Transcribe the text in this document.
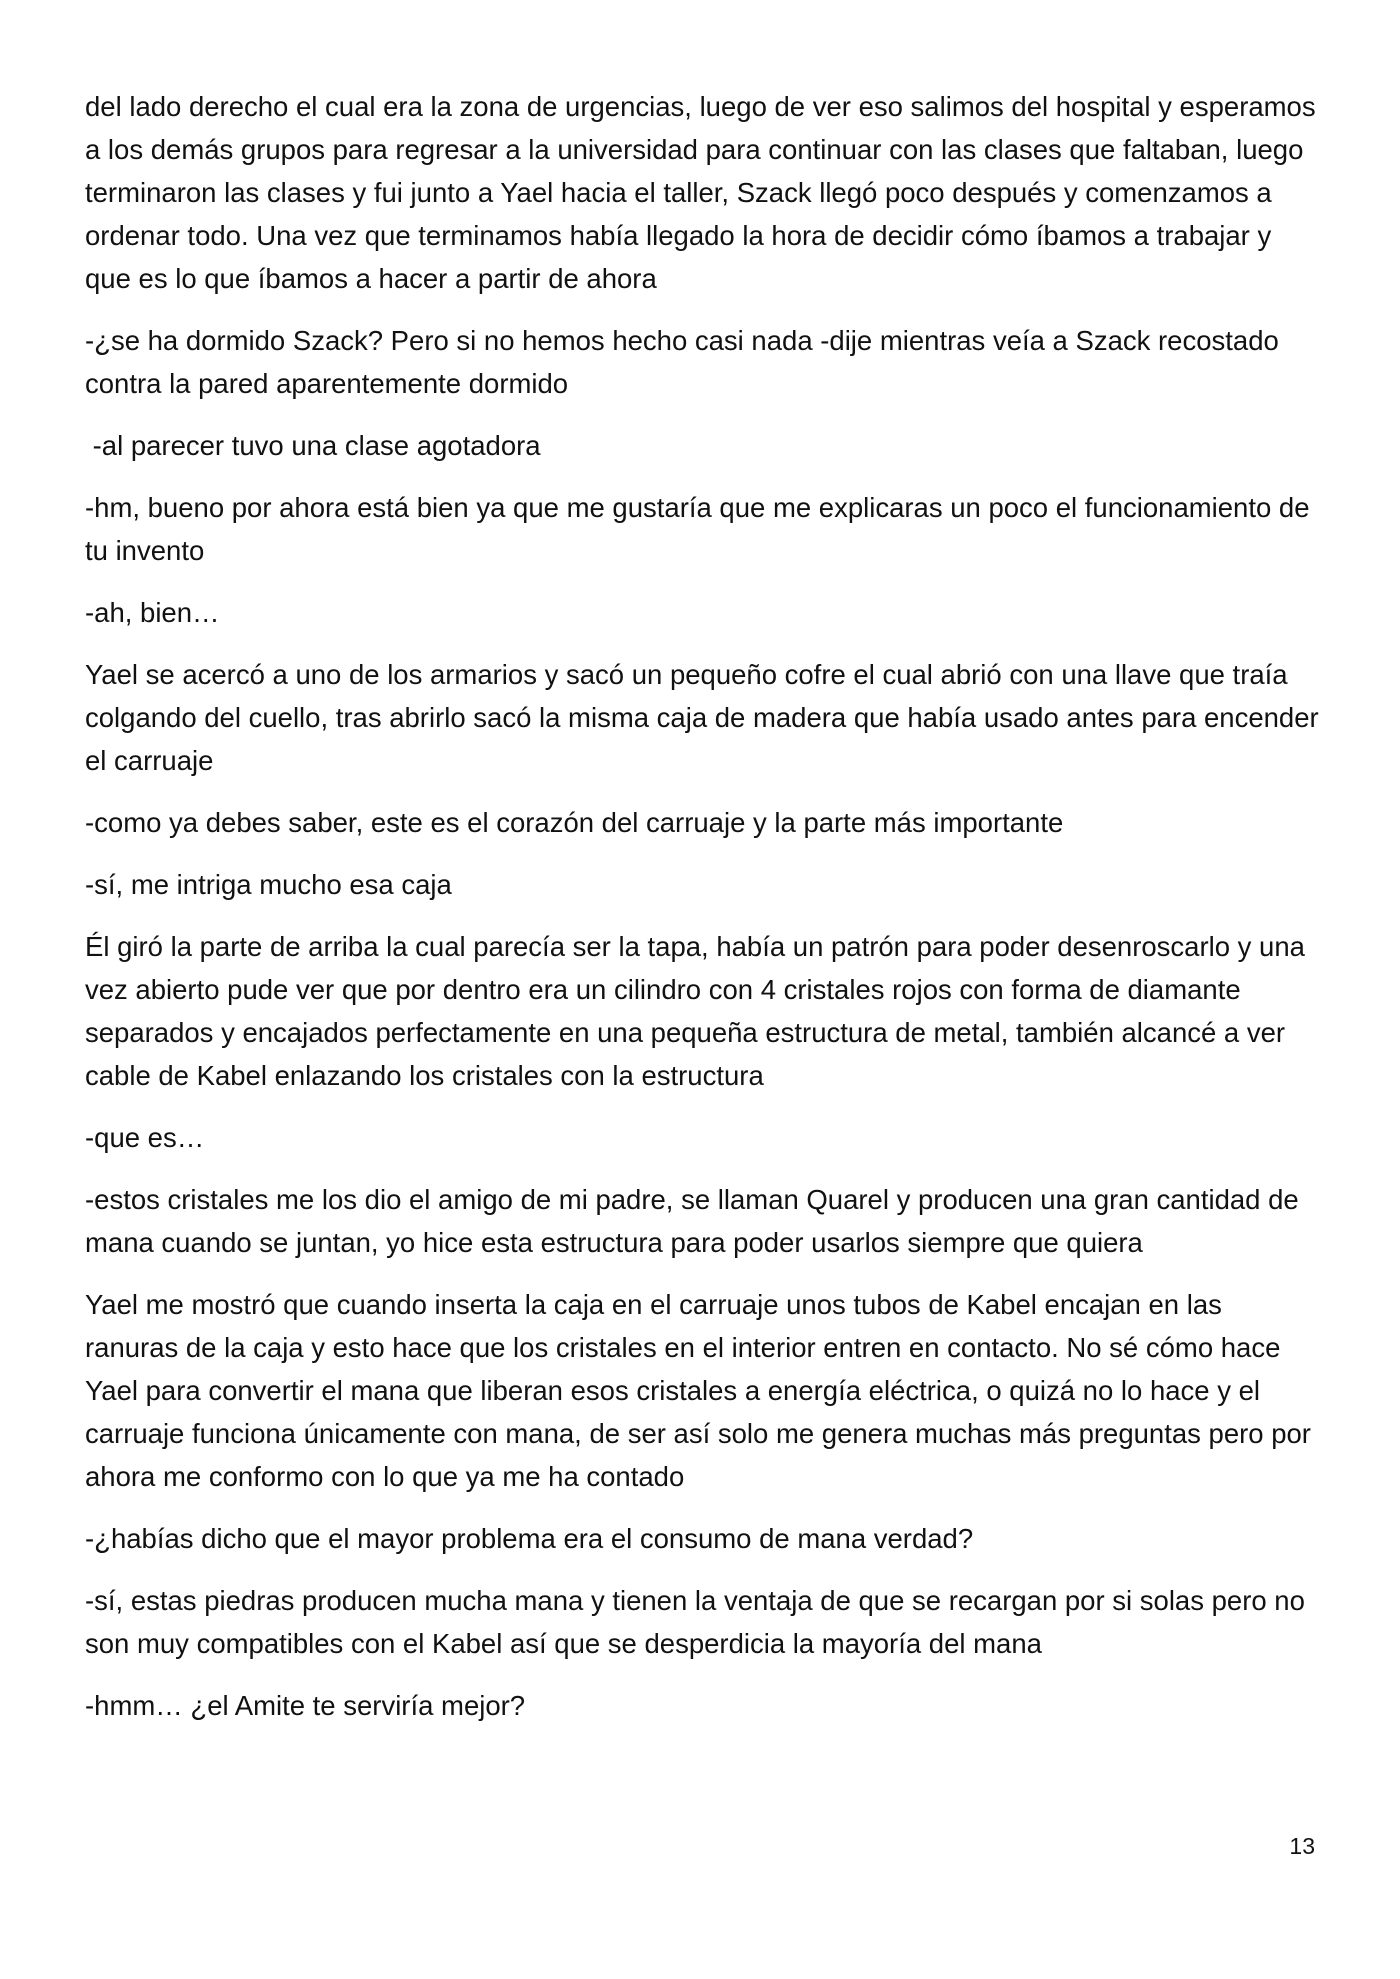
del lado derecho el cual era la zona de urgencias, luego de ver eso salimos del hospital y esperamos a los demás grupos para regresar a la universidad para continuar con las clases que faltaban, luego terminaron las clases y fui junto a Yael hacia el taller, Szack llegó poco después y comenzamos a ordenar todo. Una vez que terminamos había llegado la hora de decidir cómo íbamos a trabajar y que es lo que íbamos a hacer a partir de ahora

-¿se ha dormido Szack? Pero si no hemos hecho casi nada -dije mientras veía a Szack recostado contra la pared aparentemente dormido

-al parecer tuvo una clase agotadora

-hm, bueno por ahora está bien ya que me gustaría que me explicaras un poco el funcionamiento de tu invento

-ah, bien…

Yael se acercó a uno de los armarios y sacó un pequeño cofre el cual abrió con una llave que traía colgando del cuello, tras abrirlo sacó la misma caja de madera que había usado antes para encender el carruaje

-como ya debes saber, este es el corazón del carruaje y la parte más importante

-sí, me intriga mucho esa caja

Él giró la parte de arriba la cual parecía ser la tapa, había un patrón para poder desenroscarlo y una vez abierto pude ver que por dentro era un cilindro con 4 cristales rojos con forma de diamante separados y encajados perfectamente en una pequeña estructura de metal, también alcancé a ver cable de Kabel enlazando los cristales con la estructura

-que es…

-estos cristales me los dio el amigo de mi padre, se llaman Quarel y producen una gran cantidad de mana cuando se juntan, yo hice esta estructura para poder usarlos siempre que quiera

Yael me mostró que cuando inserta la caja en el carruaje unos tubos de Kabel encajan en las ranuras de la caja y esto hace que los cristales en el interior entren en contacto. No sé cómo hace Yael para convertir el mana que liberan esos cristales a energía eléctrica, o quizá no lo hace y el carruaje funciona únicamente con mana, de ser así solo me genera muchas más preguntas pero por ahora me conformo con lo que ya me ha contado

-¿habías dicho que el mayor problema era el consumo de mana verdad?

-sí, estas piedras producen mucha mana y tienen la ventaja de que se recargan por si solas pero no son muy compatibles con el Kabel así que se desperdicia la mayoría del mana

-hmm… ¿el Amite te serviría mejor?

13
